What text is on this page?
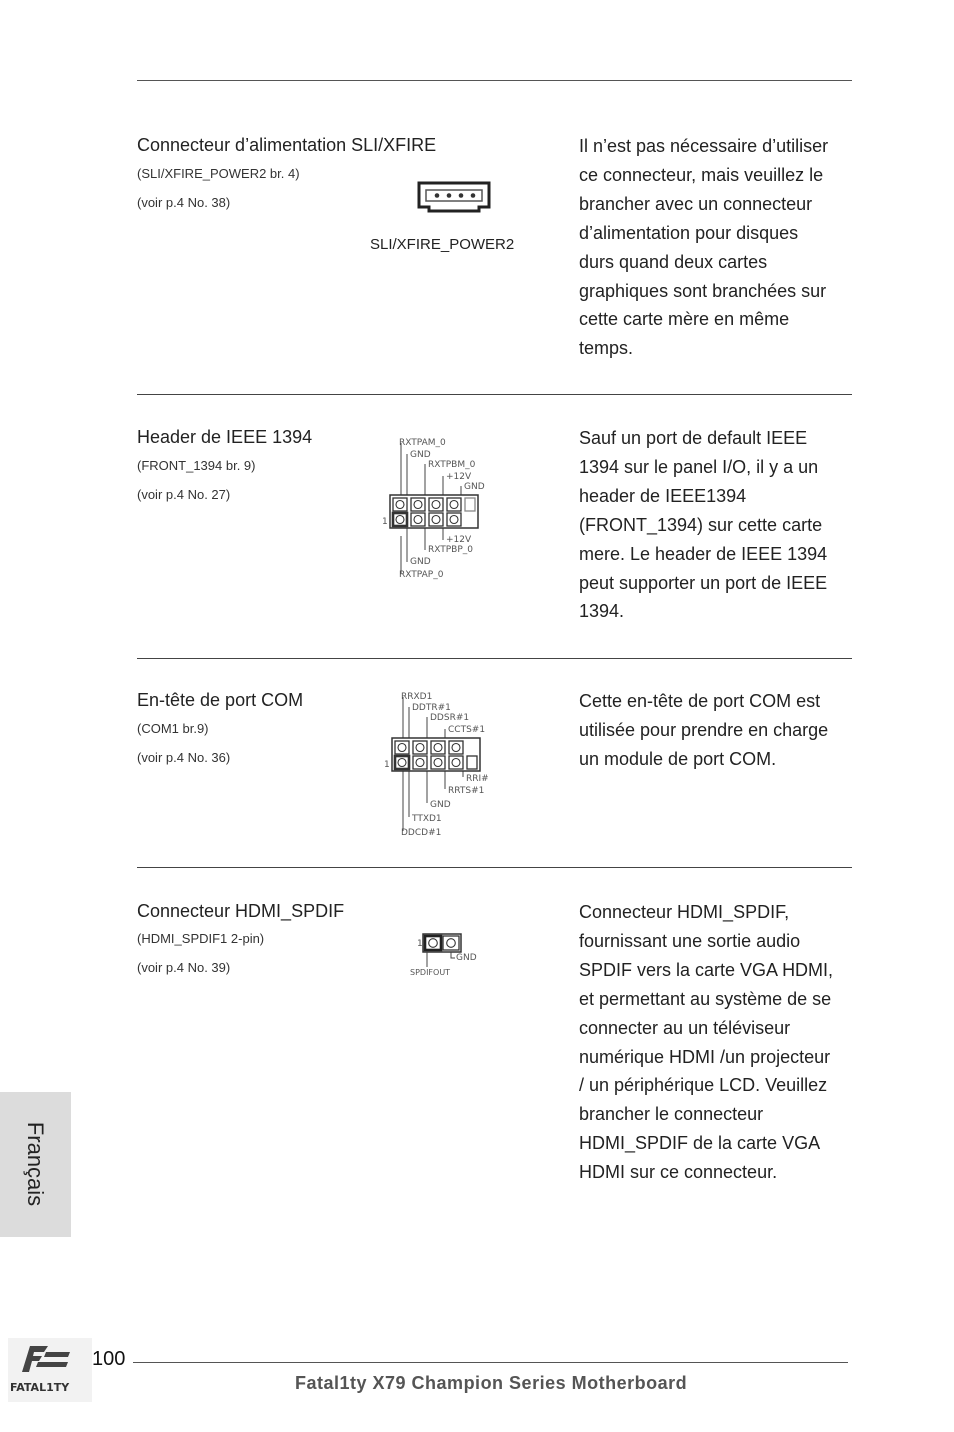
Connecteur d’alimentation SLI/XFIRE
(SLI/XFIRE_POWER2 br. 4)
(voir p.4 No. 38)
SLI/XFIRE_POWER2
Il n’est pas nécessaire d’utiliser
ce connecteur, mais veuillez le
brancher avec un connecteur
d’alimentation pour disques
durs quand deux cartes
graphiques sont branchées sur
cette carte mère en même
temps.
Header de IEEE 1394
(FRONT_1394 br. 9)
(voir p.4 No. 27)
RXTPAM_0
GND
RXTPBM_0
+12V
GND
1
+12V
RXTPBP_0
GND
RXTPAP_0
Sauf un port de default IEEE
1394 sur le panel I/O, il y a un
header de IEEE1394
(FRONT_1394) sur cette carte
mere. Le header de IEEE 1394
peut supporter un port de IEEE
1394.
En-tête de port COM
(COM1 br.9)
(voir p.4 No. 36)
RRXD1
DDTR#1
DDSR#1
CCTS#1
1
RRI#
RRTS#1
GND
TTXD1
DDCD#1
Cette en-tête de port COM est
utilisée pour prendre en charge
un module de port COM.
Connecteur HDMI_SPDIF
(HDMI_SPDIF1 2-pin)
(voir p.4 No. 39)
1
GND
SPDIFOUT
Connecteur HDMI_SPDIF,
fournissant une sortie audio
SPDIF vers la carte VGA HDMI,
et permettant au système de se
connecter au un téléviseur
numérique HDMI /un projecteur
/ un périphérique LCD. Veuillez
brancher le connecteur
HDMI_SPDIF de la carte VGA
HDMI sur ce connecteur.
Français
FATAL1TY
100
Fatal1ty X79 Champion Series Motherboard
